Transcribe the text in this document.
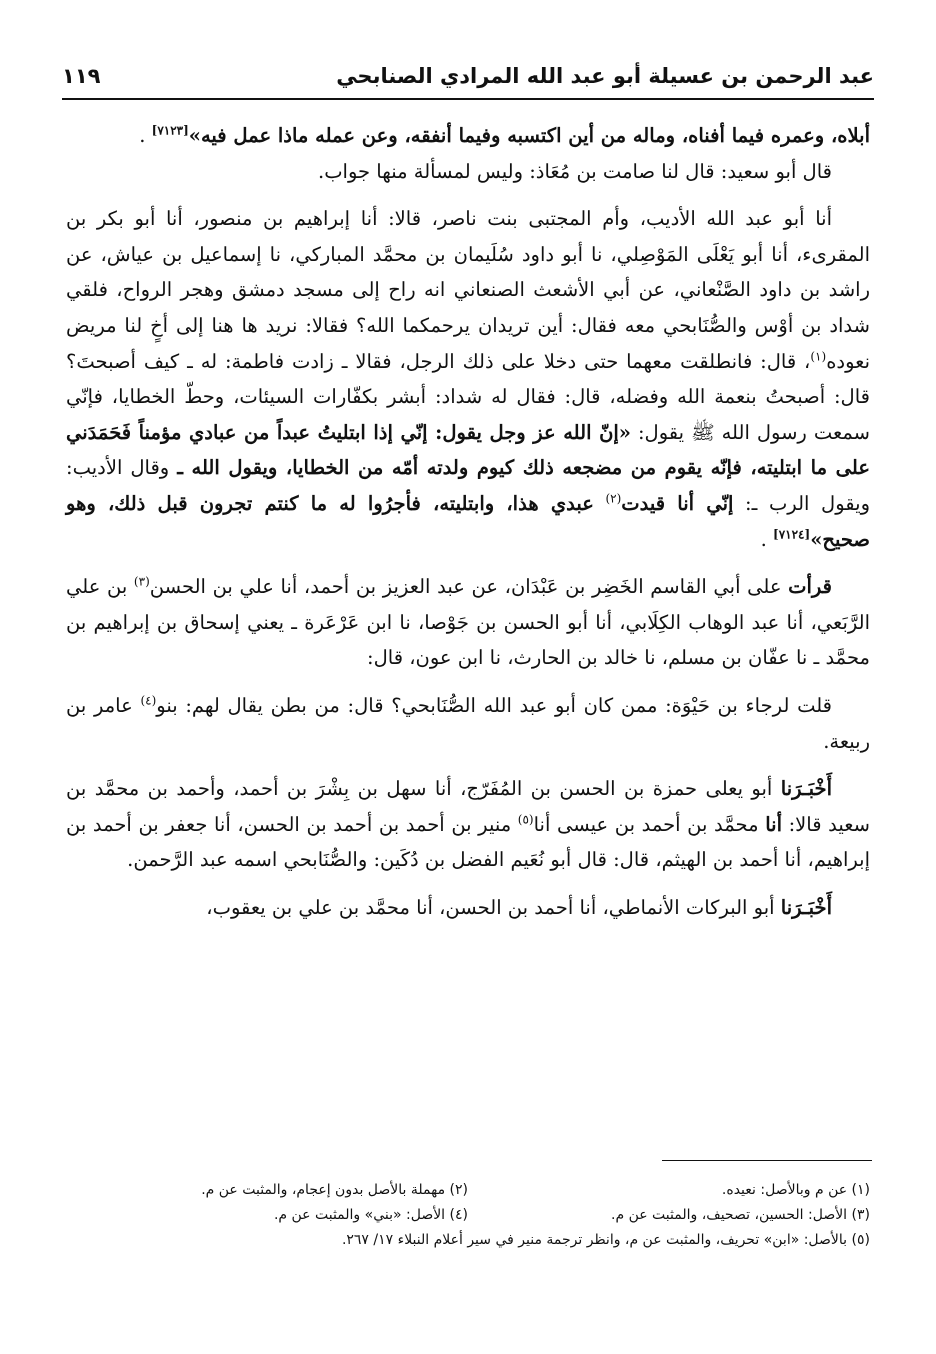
عبد الرحمن بن عسيلة أبو عبد الله المرادي الصنابحي
١١٩

أبلاه، وعمره فيما أفناه، وماله من أين اكتسبه وفيما أنفقه، وعن عمله ماذا عمل فيه»[٧١٢٣] .

قال أبو سعيد: قال لنا صامت بن مُعَاذ: وليس لمسألة منها جواب.

أنا أبو عبد الله الأديب، وأم المجتبى بنت ناصر، قالا: أنا إبراهيم بن منصور، أنا أبو بكر بن المقرىء، أنا أبو يَعْلَى المَوْصِلي، نا أبو داود سُلَيمان بن محمَّد المباركي، نا إسماعيل بن عياش، عن راشد بن داود الصَّنْعاني، عن أبي الأشعث الصنعاني انه راح إلى مسجد دمشق وهجر الرواح، فلقي شداد بن أوْس والصُّنَابحي معه فقال: أين تريدان يرحمكما الله؟ فقالا: نريد ها هنا إلى أخٍ لنا مريض نعوده$^{(١)}$، قال: فانطلقت معهما حتى دخلا على ذلك الرجل، فقالا ـ زادت فاطمة: له ـ كيف أصبحتَ؟ قال: أصبحتُ بنعمة الله وفضله، قال: فقال له شداد: أبشر بكفّارات السيئات، وحطّ الخطايا، فإنّي سمعت رسول الله ﷺ يقول: «إنّ الله عز وجل يقول: إنّي إذا ابتليتُ عبداً من عبادي مؤمناً فَحَمَدَني على ما ابتليته، فإنّه يقوم من مضجعه ذلك كيوم ولدته أمّه من الخطايا، ويقول الله ـ وقال الأديب: ويقول الرب ـ: إنّي أنا قيدت$^{(٢)}$ عبدي هذا، وابتليته، فأجرُوا له ما كنتم تجرون قبل ذلك، وهو صحيح»[٧١٢٤] .

قرأت على أبي القاسم الخَضِر بن عَبْدَان، عن عبد العزيز بن أحمد، أنا علي بن الحسن$^{(٣)}$ بن علي الرَّبَعي، أنا عبد الوهاب الكِلَابي، أنا أبو الحسن بن جَوْصا، نا ابن عَرْعَرة ـ يعني إسحاق بن إبراهيم بن محمَّد ـ نا عفّان بن مسلم، نا خالد بن الحارث، نا ابن عون، قال:

قلت لرجاء بن حَيْوَة: ممن كان أبو عبد الله الصُّنَابحي؟ قال: من بطن يقال لهم: بنو$^{(٤)}$ عامر بن ربيعة.

أَخْبَـرَنا أبو يعلى حمزة بن الحسن بن المُفَرّج، أنا سهل بن بِشْرَ بن أحمد، وأحمد بن محمَّد بن سعيد قالا: أنا محمَّد بن أحمد بن عيسى أنا$^{(٥)}$ منير بن أحمد بن أحمد بن الحسن، أنا جعفر بن أحمد بن إبراهيم، أنا أحمد بن الهيثم، قال: قال أبو نُعَيم الفضل بن دُكَين: والصُّنَابحي اسمه عبد الرَّحمن.

أَخْبَـرَنا أبو البركات الأنماطي، أنا أحمد بن الحسن، أنا محمَّد بن علي بن يعقوب،

(١) عن م وبالأصل: نعيده.
(٢) مهملة بالأصل بدون إعجام، والمثبت عن م.
(٣) الأصل: الحسين، تصحيف، والمثبت عن م.
(٤) الأصل: «بني» والمثبت عن م.
(٥) بالأصل: «ابن» تحريف، والمثبت عن م، وانظر ترجمة منير في سير أعلام النبلاء ١٧/ ٢٦٧.
